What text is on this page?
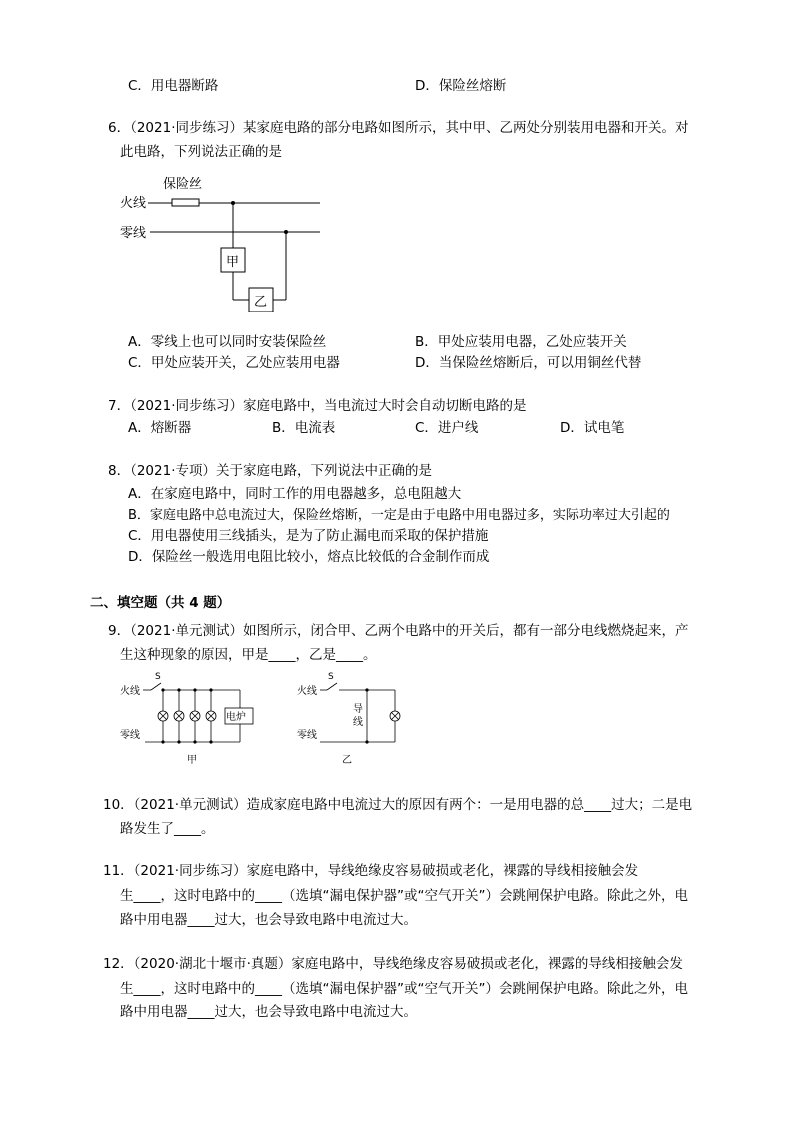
C．用电器断路	D．保险丝熔断
6．（2021·同步练习）某家庭电路的部分电路如图所示，其中甲、乙两处分别装用电器和开关。对
此电路，下列说法正确的是
保险丝
火线
零线
甲
乙
A．零线上也可以同时安装保险丝	B．甲处应装用电器，乙处应装开关
C．甲处应装开关，乙处应装用电器	D．当保险丝熔断后，可以用铜丝代替
7．（2021·同步练习）家庭电路中，当电流过大时会自动切断电路的是
A．熔断器	B．电流表	C．进户线	D．试电笔
8．（2021·专项）关于家庭电路，下列说法中正确的是
A．在家庭电路中，同时工作的用电器越多，总电阻越大
B．家庭电路中总电流过大，保险丝熔断，一定是由于电路中用电器过多，实际功率过大引起的
C．用电器使用三线插头，是为了防止漏电而采取的保护措施
D．保险丝一般选用电阻比较小，熔点比较低的合金制作而成
二、填空题（共 4 题）
9．（2021·单元测试）如图所示，闭合甲、乙两个电路中的开关后，都有一部分电线燃烧起来，产
生这种现象的原因，甲是____，乙是____。
S
火线
零线
电炉
甲
S
火线
零线
导
线
乙
10．（2021·单元测试）造成家庭电路中电流过大的原因有两个：一是用电器的总____过大；二是电
路发生了____。
11．（2021·同步练习）家庭电路中，导线绝缘皮容易破损或老化，裸露的导线相接触会发
生____，这时电路中的____（选填“漏电保护器”或“空气开关”）会跳闸保护电路。除此之外，电
路中用电器____过大，也会导致电路中电流过大。
12．（2020·湖北十堰市·真题）家庭电路中，导线绝缘皮容易破损或老化，裸露的导线相接触会发
生____，这时电路中的____（选填“漏电保护器”或“空气开关”）会跳闸保护电路。除此之外，电
路中用电器____过大，也会导致电路中电流过大。
